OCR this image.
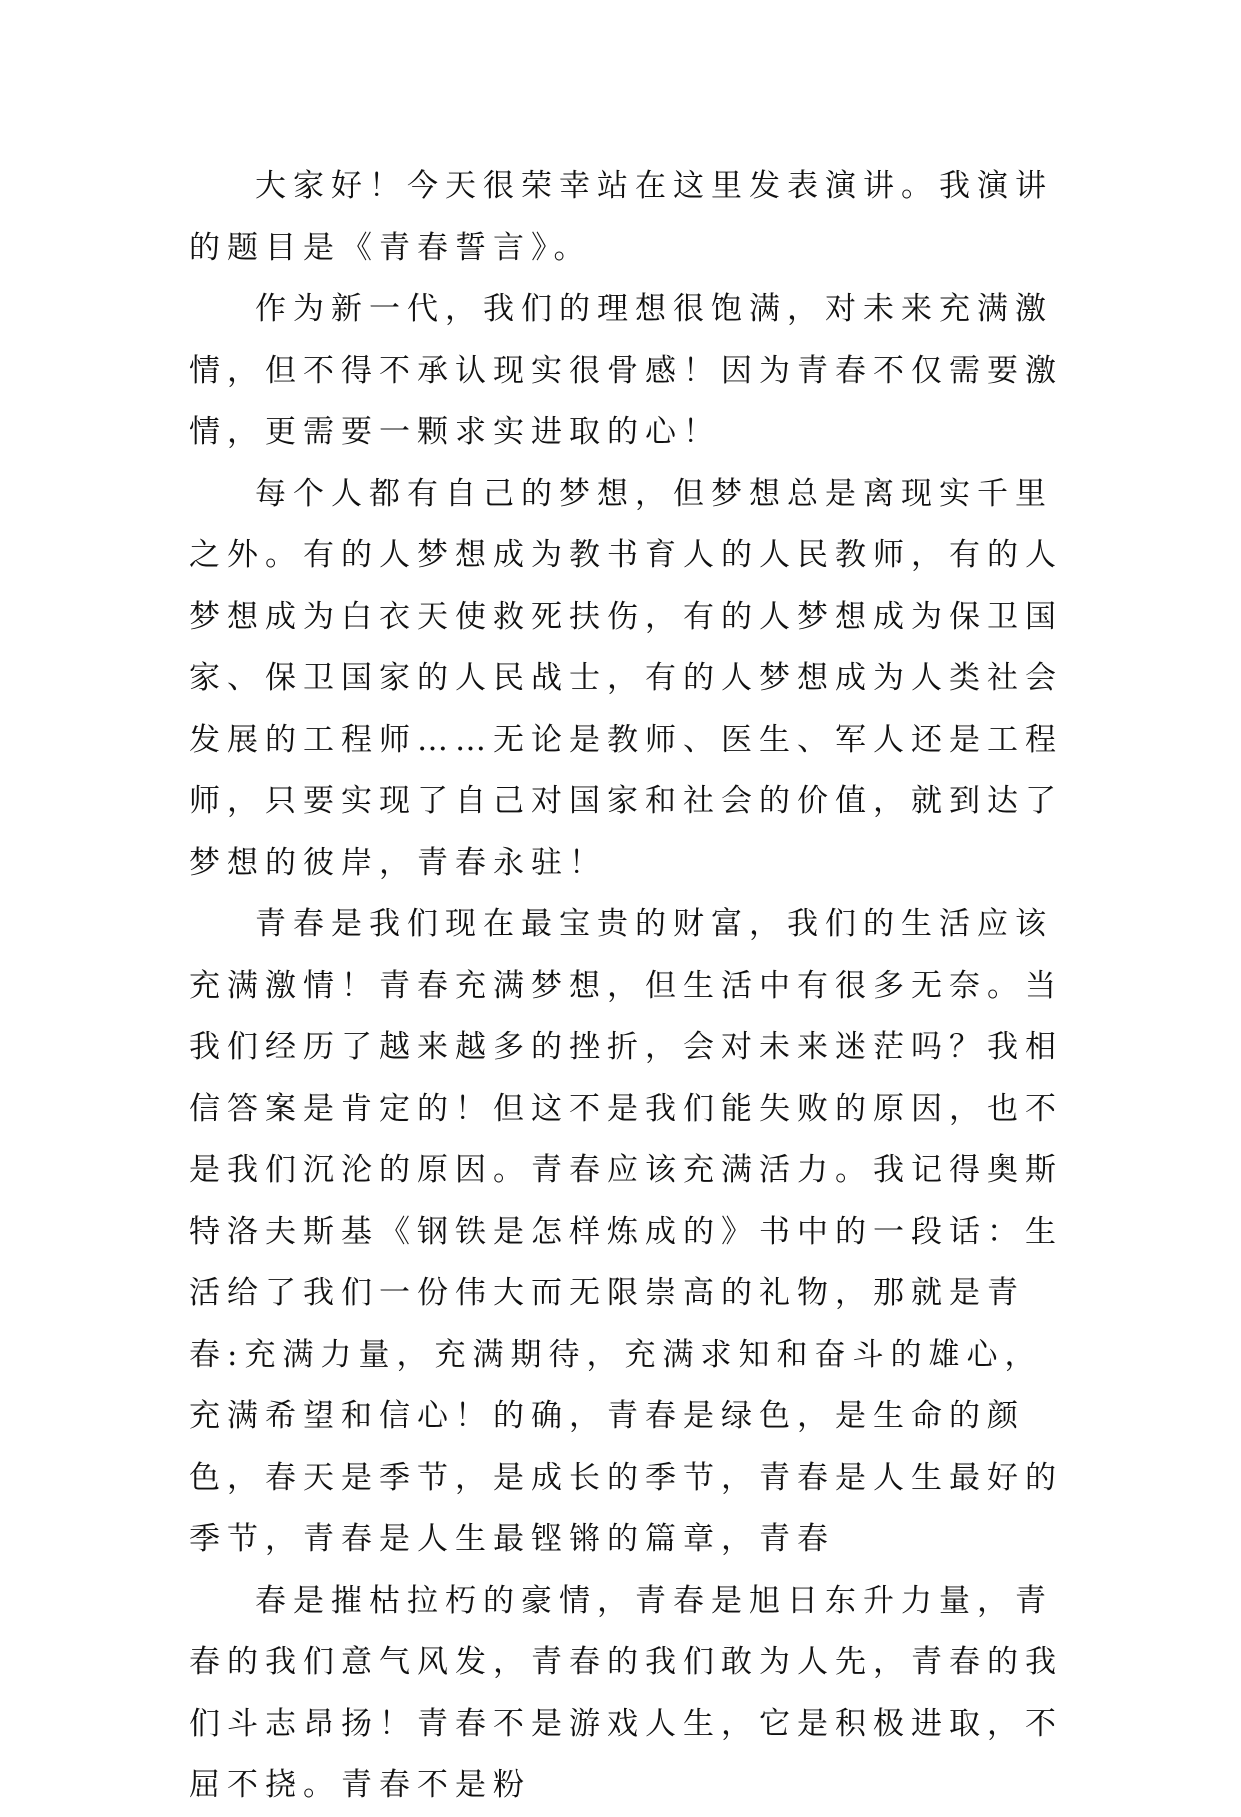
大家好！今天很荣幸站在这里发表演讲。我演讲的题目是《青春誓言》。

作为新一代，我们的理想很饱满，对未来充满激情，但不得不承认现实很骨感！因为青春不仅需要激情，更需要一颗求实进取的心！

每个人都有自己的梦想，但梦想总是离现实千里之外。有的人梦想成为教书育人的人民教师，有的人梦想成为白衣天使救死扶伤，有的人梦想成为保卫国家、保卫国家的人民战士，有的人梦想成为人类社会发展的工程师……无论是教师、医生、军人还是工程师，只要实现了自己对国家和社会的价值，就到达了梦想的彼岸，青春永驻！

青春是我们现在最宝贵的财富，我们的生活应该充满激情！青春充满梦想，但生活中有很多无奈。当我们经历了越来越多的挫折，会对未来迷茫吗？我相信答案是肯定的！但这不是我们能失败的原因，也不是我们沉沦的原因。青春应该充满活力。我记得奥斯特洛夫斯基《钢铁是怎样炼成的》书中的一段话：生活给了我们一份伟大而无限崇高的礼物，那就是青春:充满力量，充满期待，充满求知和奋斗的雄心，充满希望和信心！的确，青春是绿色，是生命的颜色，春天是季节，是成长的季节，青春是人生最好的季节，青春是人生最铿锵的篇章，青春

春是摧枯拉朽的豪情，青春是旭日东升力量，青春的我们意气风发，青春的我们敢为人先，青春的我们斗志昂扬！青春不是游戏人生，它是积极进取，不屈不挠。青春不是粉
